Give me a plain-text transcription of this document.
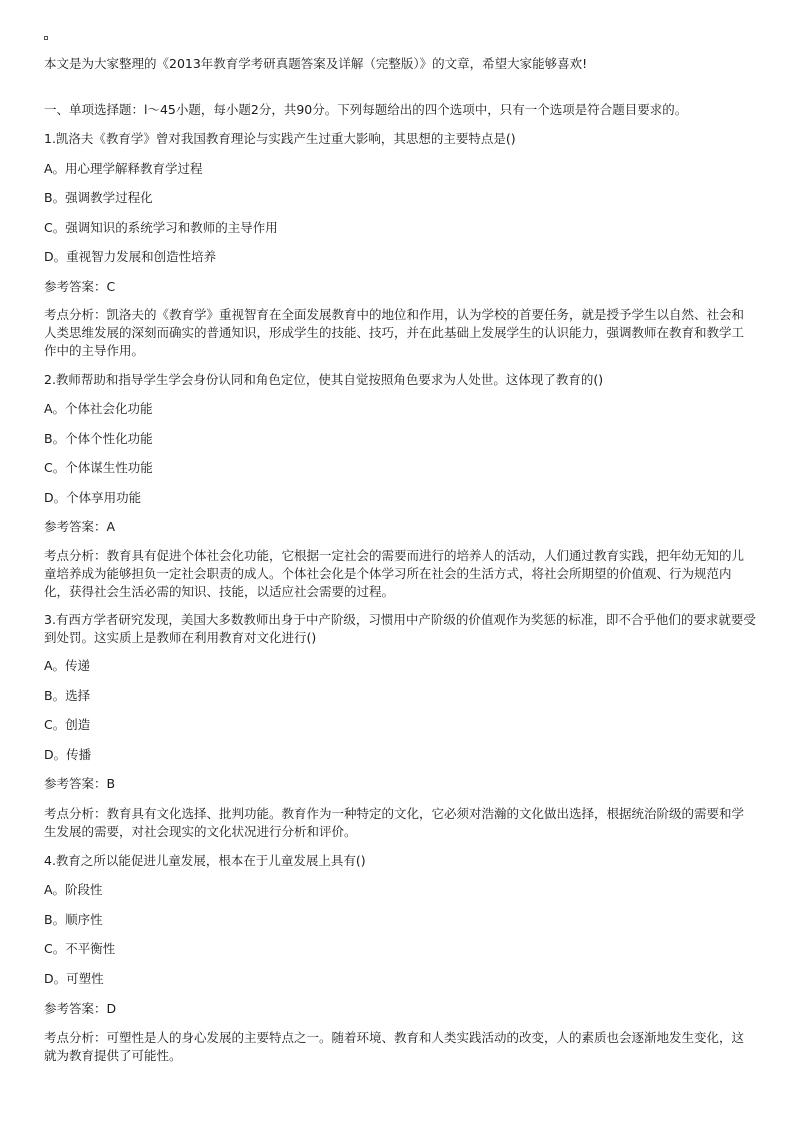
本文是为大家整理的《2013年教育学考研真题答案及详解（完整版）》的文章，希望大家能够喜欢!
一、单项选择题：l～45小题，每小题2分，共90分。下列每题给出的四个选项中，只有一个选项是符合题目要求的。
1.凯洛夫《教育学》曾对我国教育理论与实践产生过重大影响，其思想的主要特点是()
A。用心理学解释教育学过程
B。强调教学过程化
C。强调知识的系统学习和教师的主导作用
D。重视智力发展和创造性培养
参考答案：C
考点分析：凯洛夫的《教育学》重视智育在全面发展教育中的地位和作用，认为学校的首要任务，就是授予学生以自然、社会和人类思维发展的深刻而确实的普通知识，形成学生的技能、技巧，并在此基础上发展学生的认识能力，强调教师在教育和教学工作中的主导作用。
2.教师帮助和指导学生学会身份认同和角色定位，使其自觉按照角色要求为人处世。这体现了教育的()
A。个体社会化功能
B。个体个性化功能
C。个体谋生性功能
D。个体享用功能
参考答案：A
考点分析：教育具有促进个体社会化功能，它根据一定社会的需要而进行的培养人的活动，人们通过教育实践，把年幼无知的儿童培养成为能够担负一定社会职责的成人。个体社会化是个体学习所在社会的生活方式，将社会所期望的价值观、行为规范内化，获得社会生活必需的知识、技能，以适应社会需要的过程。
3.有西方学者研究发现，美国大多数教师出身于中产阶级，习惯用中产阶级的价值观作为奖惩的标准，即不合乎他们的要求就要受到处罚。这实质上是教师在利用教育对文化进行()
A。传递
B。选择
C。创造
D。传播
参考答案：B
考点分析：教育具有文化选择、批判功能。教育作为一种特定的文化，它必须对浩瀚的文化做出选择，根据统治阶级的需要和学生发展的需要，对社会现实的文化状况进行分析和评价。
4.教育之所以能促进儿童发展，根本在于儿童发展上具有()
A。阶段性
B。顺序性
C。不平衡性
D。可塑性
参考答案：D
考点分析：可塑性是人的身心发展的主要特点之一。随着环境、教育和人类实践活动的改变，人的素质也会逐渐地发生变化，这就为教育提供了可能性。
